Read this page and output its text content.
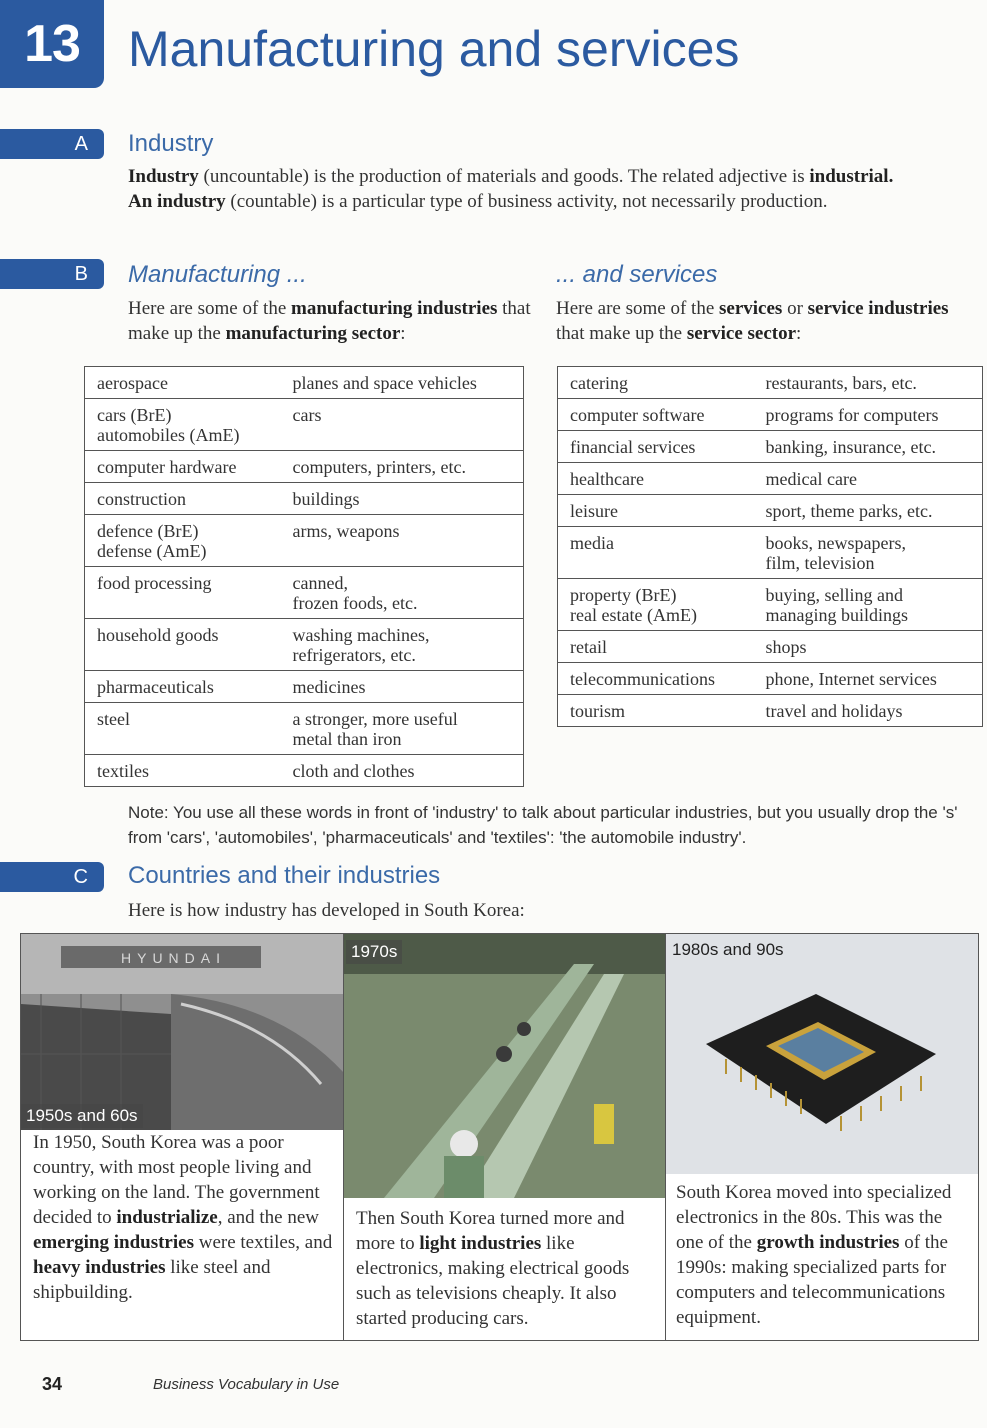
13 Manufacturing and services
A	Industry
Industry (uncountable) is the production of materials and goods. The related adjective is industrial. An industry (countable) is a particular type of business activity, not necessarily production.
B	Manufacturing ...	... and services
Here are some of the manufacturing industries that make up the manufacturing sector:
Here are some of the services or service industries that make up the service sector:
aerospace	planes and space vehicles
cars (BrE)
automobiles (AmE)	cars
computer hardware	computers, printers, etc.
construction	buildings
defence (BrE)
defense (AmE)	arms, weapons
food processing	canned,
frozen foods, etc.
household goods	washing machines,
refrigerators, etc.
pharmaceuticals	medicines
steel	a stronger, more useful
metal than iron
textiles	cloth and clothes
catering	restaurants, bars, etc.
computer software	programs for computers
financial services	banking, insurance, etc.
healthcare	medical care
leisure	sport, theme parks, etc.
media	books, newspapers,
film, television
property (BrE)
real estate (AmE)	buying, selling and
managing buildings
retail	shops
telecommunications	phone, Internet services
tourism	travel and holidays
Note: You use all these words in front of 'industry' to talk about particular industries, but you usually drop the 's' from 'cars', 'automobiles', 'pharmaceuticals' and 'textiles': 'the automobile industry'.
C	Countries and their industries
Here is how industry has developed in South Korea:
HYUNDAI
1950s and 60s
In 1950, South Korea was a poor country, with most people living and working on the land. The government decided to industrialize, and the new emerging industries were textiles, and heavy industries like steel and shipbuilding.
1970s
Then South Korea turned more and more to light industries like electronics, making electrical goods such as televisions cheaply. It also started producing cars.
1980s and 90s
South Korea moved into specialized electronics in the 80s. This was the one of the growth industries of the 1990s: making specialized parts for computers and telecommunications equipment.
34	Business Vocabulary in Use
